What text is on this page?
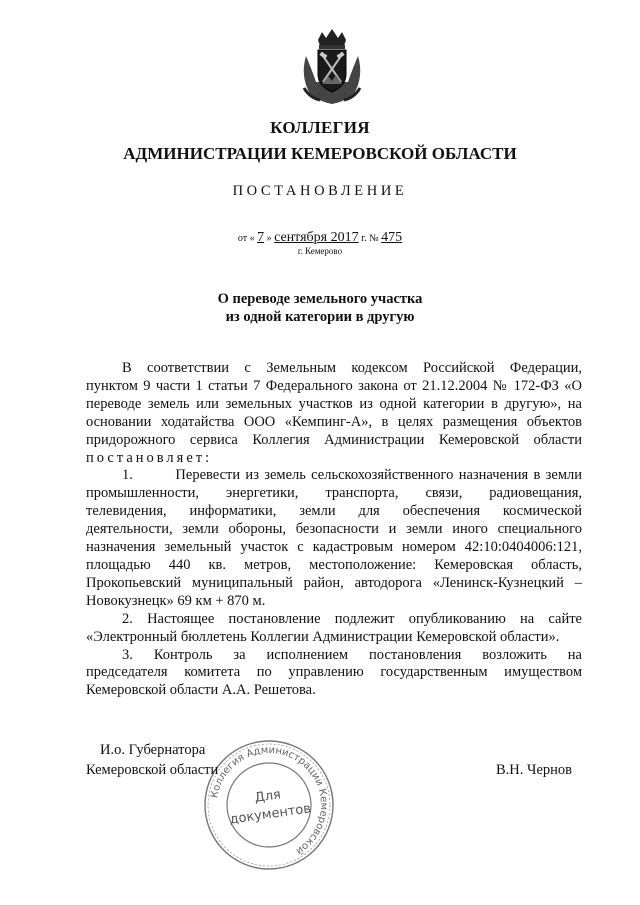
КОЛЛЕГИЯ
АДМИНИСТРАЦИИ КЕМЕРОВСКОЙ ОБЛАСТИ
ПОСТАНОВЛЕНИЕ
от « 7 » сентября 2017 г. № 475
г. Кемерово
О переводе земельного участка
из одной категории в другую

В соответствии с Земельным кодексом Российской Федерации,

пунктом 9 части 1 статьи 7 Федерального закона от 21.12.2004 № 172-ФЗ «О

переводе земель или земельных участков из одной категории в другую», на

основании ходатайства ООО «Кемпинг-А», в целях размещения объектов

придорожного сервиса Коллегия Администрации Кемеровской области

постановляет:

1.        Перевести из земель сельскохозяйственного назначения в земли

промышленности, энергетики, транспорта, связи, радиовещания,

телевидения, информатики, земли для обеспечения космической

деятельности, земли обороны, безопасности и земли иного специального

назначения земельный участок с кадастровым номером 42:10:0404006:121,

площадью 440 кв. метров, местоположение: Кемеровская область,

Прокопьевский муниципальный район, автодорога «Ленинск-Кузнецкий –

Новокузнецк» 69 км + 870 м.

2. Настоящее постановление подлежит опубликованию на сайте

«Электронный бюллетень Коллегии Администрации Кемеровской области».

3. Контроль за исполнением постановления возложить на

председателя комитета по управлению государственным имуществом

Кемеровской области А.А. Решетова.

Коллегия Администрации Кемеровской
Для
документов
И.о. Губернатора
Кемеровской области	В.Н. Чернов
